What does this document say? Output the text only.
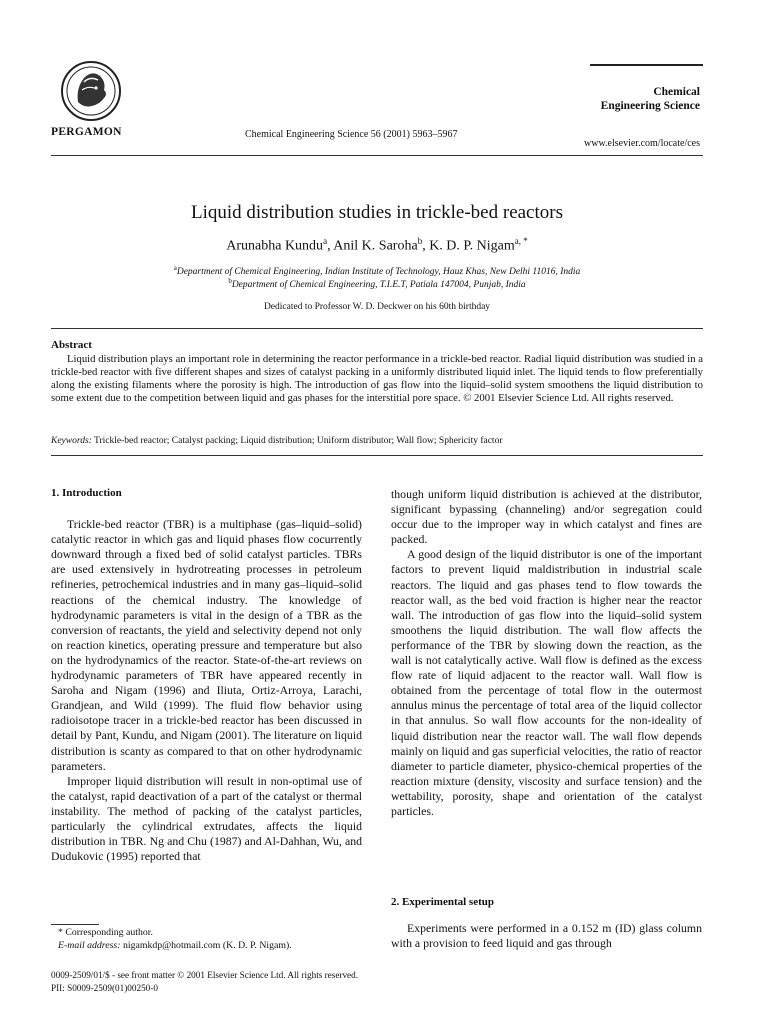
PERGAMON	Chemical Engineering Science 56 (2001) 5963–5967
Chemical
Engineering Science
www.elsevier.com/locate/ces
Liquid distribution studies in trickle-bed reactors
Arunabha Kundu$^a$, Anil K. Saroha$^b$, K. D. P. Nigam$^{a, *}$
$^a$Department of Chemical Engineering, Indian Institute of Technology, Hauz Khas, New Delhi 11016, India
$^b$Department of Chemical Engineering, T.I.E.T, Patiala 147004, Punjab, India
Dedicated to Professor W. D. Deckwer on his 60th birthday
Abstract
Liquid distribution plays an important role in determining the reactor performance in a trickle-bed reactor. Radial liquid distribution was studied in a trickle-bed reactor with five different shapes and sizes of catalyst packing in a uniformly distributed liquid inlet. The liquid tends to flow preferentially along the existing filaments where the porosity is high. The introduction of gas flow into the liquid–solid system smoothens the liquid distribution to some extent due to the competition between liquid and gas phases for the interstitial pore space. © 2001 Elsevier Science Ltd. All rights reserved.
Keywords: Trickle-bed reactor; Catalyst packing; Liquid distribution; Uniform distributor; Wall flow; Sphericity factor
1. Introduction
Trickle-bed reactor (TBR) is a multiphase (gas–liquid–solid) catalytic reactor in which gas and liquid phases flow cocurrently downward through a fixed bed of solid catalyst particles. TBRs are used extensively in hydrotreating processes in petroleum refineries, petrochemical industries and in many gas–liquid–solid reactions of the chemical industry. The knowledge of hydrodynamic parameters is vital in the design of a TBR as the conversion of reactants, the yield and selectivity depend not only on reaction kinetics, operating pressure and temperature but also on the hydrodynamics of the reactor. State-of-the-art reviews on hydrodynamic parameters of TBR have appeared recently in Saroha and Nigam (1996) and Iliuta, Ortiz-Arroya, Larachi, Grandjean, and Wild (1999). The fluid flow behavior using radioisotope tracer in a trickle-bed reactor has been discussed in detail by Pant, Kundu, and Nigam (2001). The literature on liquid distribution is scanty as compared to that on other hydrodynamic parameters.
Improper liquid distribution will result in non-optimal use of the catalyst, rapid deactivation of a part of the catalyst or thermal instability. The method of packing of the catalyst particles, particularly the cylindrical extrudates, affects the liquid distribution in TBR. Ng and Chu (1987) and Al-Dahhan, Wu, and Dudukovic (1995) reported that
though uniform liquid distribution is achieved at the distributor, significant bypassing (channeling) and/or segregation could occur due to the improper way in which catalyst and fines are packed.
A good design of the liquid distributor is one of the important factors to prevent liquid maldistribution in industrial scale reactors. The liquid and gas phases tend to flow towards the reactor wall, as the bed void fraction is higher near the reactor wall. The introduction of gas flow into the liquid–solid system smoothens the liquid distribution. The wall flow affects the performance of the TBR by slowing down the reaction, as the wall is not catalytically active. Wall flow is defined as the excess flow rate of liquid adjacent to the reactor wall. Wall flow is obtained from the percentage of total flow in the outermost annulus minus the percentage of total area of the liquid collector in that annulus. So wall flow accounts for the non-ideality of liquid distribution near the reactor wall. The wall flow depends mainly on liquid and gas superficial velocities, the ratio of reactor diameter to particle diameter, physico-chemical properties of the reaction mixture (density, viscosity and surface tension) and the wettability, porosity, shape and orientation of the catalyst particles.
2. Experimental setup
Experiments were performed in a 0.152 m (ID) glass column with a provision to feed liquid and gas through
* Corresponding author.
E-mail address: nigamkdp@hotmail.com (K. D. P. Nigam).
0009-2509/01/$ - see front matter © 2001 Elsevier Science Ltd. All rights reserved.
PII: S0009-2509(01)00250-0
